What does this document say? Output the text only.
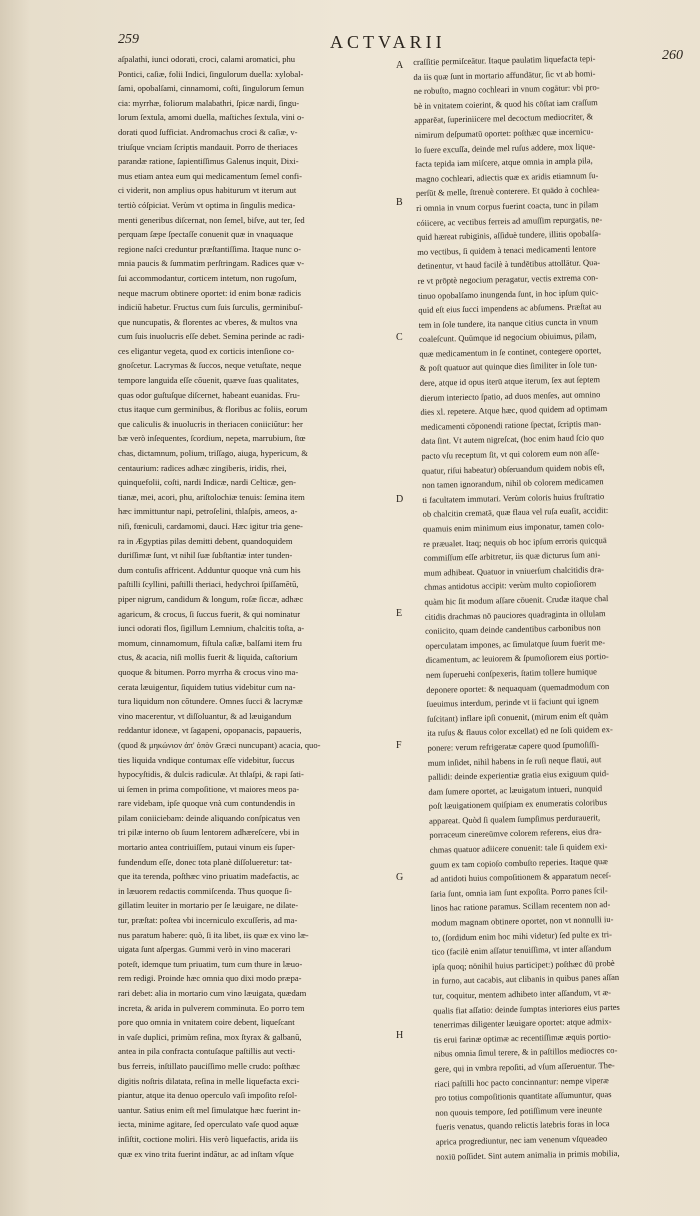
259	ACTVARII
260
aſpalathi, iunci odorati, croci, calami aromatici, phu
Pontici, caſiæ, folii Indici, ſingulorum duella: xylobal-
ſami, opobalſami, cinnamomi, coſti, ſingulorum ſemun
cia: myrrhæ, foliorum malabathri, ſpicæ nardi, ſingu-
lorum ſextula, amomi duella, maſtiches ſextula, vini o-
dorati quod ſufficiat. Andromachus croci & caſiæ, v-
triuſque vnciam ſcriptis mandauit. Porro de theriaces
parandæ ratione, ſapientiſſimus Galenus inquit, Dixi-
mus etiam antea eum qui medicamentum ſemel confi-
ci viderit, non amplius opus habiturum vt iterum aut
tertiò cóſpiciat. Verùm vt optima in ſingulis medica-
menti generibus diſcernat, non ſemel, biſve, aut ter, ſed
perquam ſæpe ſpectaſſe conuenit quæ in vnaquaque
regione naſci creduntur præſtantiſſima. Itaque nunc o-
mnia paucis & ſummatim perſtringam. Radices quæ v-
ſui accommodantur, corticem intetum, non rugoſum,
neque macrum obtinere oportet: id enim bonæ radicis
indiciū habetur. Fructus cum ſuis ſurculis, germinibuſ-
que nuncupatis, & florentes ac vberes, & multos vna
cum ſuis inuolucris eſſe debet. Semina perinde ac radi-
ces eligantur vegeta, quod ex corticis intenſione co-
gnoſcetur. Lacrymas & ſuccos, neque vetuſtate, neque
tempore languida eſſe cōuenit, quæve ſuas qualitates,
quas odor guſtuſque diſcernet, habeant euanidas. Fru-
ctus itaque cum germinibus, & floribus ac foliis, eorum
que caliculis & inuolucris in theriacen coniiciūtur: her
bæ verò inſequentes, ſcordium, nepeta, marrubium, ſtœ
chas, dictamnum, polium, triſſago, aiuga, hypericum, &
centaurium: radices adhæc zingiberis, iridis, rhei,
quinquefolii, coſti, nardi Indicæ, nardi Celticæ, gen-
tianæ, mei, acori, phu, ariſtolochiæ tenuis: ſemina item
hæc immittuntur napi, petroſelini, thlaſpis, ameos, a-
niſi, fœniculi, cardamomi, dauci. Hæc igitur tria gene-
ra in Ægyptias pilas demitti debent, quandoquidem
duriſſimæ ſunt, vt nihil ſuæ ſubſtantiæ inter tunden-
dum contuſis affricent. Adduntur quoque vnà cum his
paſtilli ſcyllini, paſtilli theriaci, hedychroi ſpiſſamētū,
piper nigrum, candidum & longum, roſæ ſiccæ, adhæc
agaricum, & crocus, ſi ſuccus fuerit, & qui nominatur
iunci odorati flos, ſigillum Lemnium, chalcitis toſta, a-
momum, cinnamomum, fiſtula caſiæ, balſami item fru
ctus, & acacia, niſi mollis fuerit & liquida, caſtorium
quoque & bitumen. Porro myrrha & crocus vino ma-
cerata læuigentur, ſiquidem tutius videbitur cum na-
tura liquidum non cōtundere. Omnes ſucci & lacrymæ
vino macerentur, vt diſſoluantur, & ad læuigandum
reddantur idoneæ, vt ſagapeni, opopanacis, papaueris,
(quod & μηκώνιον ἀπ' ὀπὸν Græci nuncupant) acacia, quo-
ties liquida vndique contumax eſſe videbitur, ſuccus
hypocyſtidis, & dulcis radiculæ. At thlaſpi, & rapi ſati-
ui ſemen in prima compoſitione, vt maiores meos pa-
rare videbam, ipſe quoque vnà cum contundendis in
pilam coniiciebam: deinde aliquando conſpicatus ven
tri pilæ interno ob ſuum lentorem adhæreſcere, vbi in
mortario antea contriuiſſem, putaui vinum eis ſuper-
fundendum eſſe, donec tota planè diſſolueretur: tat-
que ita terenda, poſthæc vino priuatim madefactis, ac
in læuorem redactis commiſcenda. Thus quoque ſi-
gillatim leuiter in mortario per ſe læuigare, ne dilate-
tur, præſtat: poſtea vbi incerniculo excuſſeris, ad ma-
nus paratum habere: quò, ſi ita libet, iis quæ ex vino læ-
uigata ſunt aſpergas. Gummi verò in vino macerari
poteſt, idemque tum priuatim, tum cum thure in læuo-
rem redigi. Proinde hæc omnia quo dixi modo præpa-
rari debet: alia in mortario cum vino læuigata, quædam
increta, & arida in pulverem comminuta. Eo porro tem
pore quo omnia in vnitatem coire debent, liqueſcant
in vaſe duplici, primùm reſina, mox ſtyrax & galbanū,
antea in pila confracta contuſaque paſtillis aut vecti-
bus ferreis, inſtillato pauciſſimo melle crudo: poſthæc
digitis noſtris dilatata, reſina in melle liquefacta exci-
piantur, atque ita denuo operculo vaſi impoſito reſol-
uantur. Satius enim eſt mel ſimulatque hæc fuerint in-
iecta, minime agitare, ſed operculato vaſe quod aquæ
inſiſtit, coctione moliri. His verò liquefactis, arida iis
quæ ex vino trita fuerint indātur, ac ad inſtam vſque
craſſitie permiſceātur. Itaque paulatim liquefacta tepi-
da iis quæ ſunt in mortario affundātur, ſic vt ab homi-
ne robuſto, magno cochleari in vnum cogātur: vbi pro-
bè in vnitatem coierint, & quod his cōſtat iam craſſum
apparēat, ſuperiniicere mel decoctum mediocriter, &
nimirum deſpumatū oportet: poſthæc quæ incernicu-
lo ſuere excuſſa, deinde mel ruſus addere, mox lique-
facta tepida iam miſcere, atque omnia in ampla pila,
magno cochleari, adiectis quæ ex aridis etiamnum ſu-
perſūt & melle, ſtrenuè conterere. Et quādo à cochlea-
ri omnia in vnum corpus fuerint coacta, tunc in pilam
cóiicere, ac vectibus ferreis ad amuſſim repurgatis, ne-
quid hæreat rubiginis, aſſiduè tundere, illitis opobalſa-
mo vectibus, ſi quidem à tenaci medicamenti lentore
detinentur, vt haud facilè à tundētibus attollātur. Qua-
re vt prōptè negocium peragatur, vectis extrema con-
tinuo opobalſamo inungenda ſunt, in hoc ipſum quic-
quid eſt eius ſucci impendens ac abſumens. Præſtat au
tem in ſole tundere, ita nanque citius cuncta in vnum
coaleſcunt. Quūmque id negocium obiuimus, pilam,
quæ medicamentum in ſe continet, contegere oportet,
& poſt quatuor aut quinque dies ſimiliter in ſole tun-
dere, atque id opus iterū atque iterum, ſex aut ſeptem
dierum interiecto ſpatio, ad duos menſes, aut omnino
dies xl. repetere. Atque hæc, quod quidem ad optimam
medicamenti cōponendi ratione ſpectat, ſcriptis man-
data ſint. Vt autem nigreſcat, (hoc enim haud ſcio quo
pacto vſu receptum ſit, vt qui colorem eum non aſſe-
quatur, riſui habeatur) obſeruandum quidem nobis eſt,
non tamen ignorandum, nihil ob colorem medicamen
ti facultatem immutari. Verùm coloris huius fruſtratio
ob chalcitin crematā, quæ flaua vel ruſa euaſit, accidit:
quamuis enim minimum eius imponatur, tamen colo-
re præualet. Itaq; nequis ob hoc ipſum erroris quicquā
commiſſum eſſe arbitretur, iis quæ dicturus ſum ani-
mum adhibeat. Quatuor in vniuerſum chalcitidis dra-
chmas antidotus accipit: verùm multo copioſiorem
quàm hic ſit modum aſſare cōuenit. Crudæ itaque chal
citidis drachmas nō pauciores quadraginta in ollulam
coniicito, quam deinde candentibus carbonibus non
operculatam impones, ac ſimulatque ſuum fuerit me-
dicamentum, ac leuiorem & ſpumoſiorem eius portio-
nem ſuperuehi conſpexeris, ſtatim tollere humique
deponere oportet: & nequaquam (quemadmodum con
ſueuimus interdum, perinde vt ii faciunt qui ignem
ſuſcitant) inflare ipſi conuenit, (mirum enim eſt quàm
ita ruſus & flauus color excellat) ed ne ſoli quidem ex-
ponere: verum refrigeratæ capere quod ſpumoſiſſi-
mum inſidet, nihil habens in ſe ruſi neque flaui, aut
pallidi: deinde experientiæ gratia eius exiguum quid-
dam ſumere oportet, ac læuigatum intueri, nunquid
poſt læuigationem quiſpiam ex enumeratis coloribus
appareat. Quòd ſi qualem ſumpſimus perdurauerit,
porraceum cinereūmve colorem referens, eius dra-
chmas quatuor adiicere conuenit: tale ſi quidem exi-
guum ex tam copioſo combuſto reperies. Itaque quæ
ad antidoti huius compoſitionem & apparatum neceſ-
ſaria ſunt, omnia iam ſunt expoſita. Porro panes ſcil-
linos hac ratione paramus. Scillam recentem non ad-
modum magnam obtinere oportet, non vt nonnulli iu-
to, (ſordidum enim hoc mihi videtur) ſed pulte ex tri-
tico (facilè enim aſſatur tenuiſſima, vt inter aſſandum
ipſa quoq; nōnihil huius participet:) poſthæc dū probè
in furno, aut cacabis, aut clibanis in quibus panes aſſan
tur, coquitur, mentem adhibeto inter aſſandum, vt æ-
qualis fiat aſſatio: deinde ſumptas interiores eius partes
tenerrimas diligenter læuigare oportet: atque admix-
tis erui farinæ optimæ ac recentiſſimæ æquis portio-
nibus omnia ſimul terere, & in paſtillos mediocres co-
gere, qui in vmbra repoſiti, ad vſum aſſeruentur. The-
riaci paſtilli hoc pacto concinnantur: nempe viperæ
pro totius compoſitionis quantitate aſſumuntur, quas
non quouis tempore, ſed potiſſimum vere ineunte
fueris venatus, quando relictis latebris foras in loca
aprica progrediuntur, nec iam venenum vſqueadeo
noxiū poſſidet. Sint autem animalia in primis mobilia,
A
B
C
D
E
F
G
H
